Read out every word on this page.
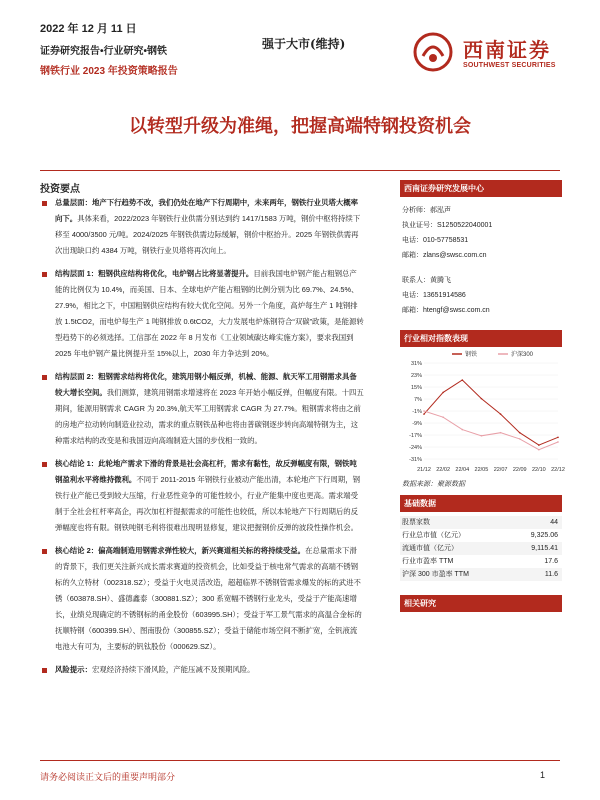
2022 年 12 月 11 日
证券研究报告•行业研究•钢铁
钢铁行业 2023 年投资策略报告
强于大市(维持)	西南证券
SOUTHWEST SECURITIES
以转型升级为准绳，把握高端特钢投资机会
投资要点
总量层面：地产下行趋势不改，我们仍处在地产下行周期中，未来两年，钢铁行业贝塔大概率向下。具体来看，2022/2023 年钢铁行业供需分别达到约 1417/1583 万吨，钢价中枢将持续下移至 4000/3500 元/吨。2024/2025 年钢铁供需边际缓解，钢价中枢抬升。2025 年钢铁供需再次出现缺口约 4384 万吨，钢铁行业贝塔将再次向上。
结构层面 1：粗钢供应结构将优化，电炉钢占比将显著提升。目前我国电炉钢产能占粗钢总产能的比例仅为 10.4%，而美国、日本、全球电炉产能占粗钢的比例分别为比 69.7%、24.5%、27.9%，相比之下，中国粗钢供应结构有较大优化空间。另外一个角度，高炉每生产 1 吨钢排放 1.5tCO2，而电炉每生产 1 吨钢排放 0.6tCO2，大力发展电炉炼钢符合“双碳”政策，是能源转型趋势下的必须选择。工信部在 2022 年 8 月发布《工业领域碳达峰实施方案》，要求我国到 2025 年电炉钢产量比例提升至 15%以上，2030 年力争达到 20%。
结构层面 2：粗钢需求结构将优化，建筑用钢小幅反弹，机械、能源、航天军工用钢需求具备较大增长空间。我们测算，建筑用钢需求增速将在 2023 年开始小幅反弹，但幅度有限。十四五期间，能源用钢需求 CAGR 为 20.3%,航天军工用钢需求 CAGR 为 27.7%。粗钢需求将由之前的房地产拉动转向制造业拉动，需求的重点钢铁品种也将由普碳钢逐步转向高端特钢为主，这种需求结构的改变是和我国迈向高端制造大国的步伐相一致的。
核心结论 1：此轮地产需求下滑的背景是社会高杠杆，需求有黏性，故反弹幅度有限，钢铁吨钢盈利水平将维持微利。不同于 2011-2015 年钢铁行业被动产能出清，本轮地产下行周期，钢铁行业产能已受到较大压缩，行业恶性竞争的可能性较小，行业产能集中度也更高。需求端受制于全社会杠杆率高企，再次加杠杆提振需求的可能性也较低，所以本轮地产下行周期后的反弹幅度也将有限。钢铁吨钢毛利将很难出现明显修复，建议把握钢价反弹的波段性操作机会。
核心结论 2：偏高端制造用钢需求弹性较大，新兴赛道相关标的将持续受益。在总量需求下滑的背景下，我们更关注新兴成长需求赛道的投资机会，比如受益于核电常气需求的高端不锈钢标的久立特材（002318.SZ）；受益于火电灵活改造，超超临界不锈钢管需求爆发的标的武进不锈（603878.SH）、盛德鑫泰（300881.SZ）；300 系宽幅不锈钢行业龙头，受益于产能高速增长，业绩兑现确定的不锈钢标的甬金股份（603995.SH）；受益于军工景气需求的高温合金标的抚顺特钢（600399.SH）、图南股份（300855.SZ）；受益于储能市场空间不断扩宽，全钒液流电池大有可为，主要标的钒钛股份（000629.SZ）。
风险提示：宏观经济持续下滑风险，产能压减不及预期风险。
西南证券研究发展中心
分析师：郝泓声
执业证号：S1250522040001
电话：010-57758531
邮箱：zlans@swsc.com.cn
联系人：黄腾飞
电话：13651914586
邮箱：htengf@swsc.com.cn
行业相对指数表现
31%
23%
15%
7%
-1%
-9%
-17%
-24%
-31%
21/12 22/02 22/04 22/05 22/07 22/09 22/10 22/12
钢铁	沪深300
数据来源：聚源数据
基础数据
股票家数	44
行业总市值（亿元）	9,325.06
流通市值（亿元）	9,115.41
行业市盈率 TTM	17.6
沪深 300 市盈率 TTM	11.6
相关研究
请务必阅读正文后的重要声明部分	1
